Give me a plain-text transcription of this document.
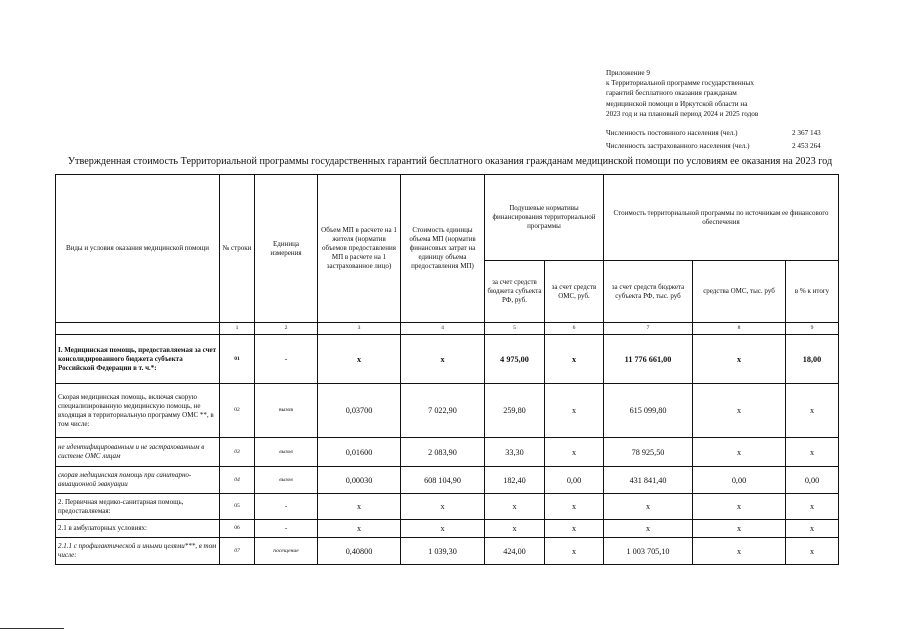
Приложение 9
к Территориальной программе государственных
гарантий бесплатного оказания гражданам
медицинской помощи в Иркутской области на
2023 год и на плановый период 2024 и 2025 годов
Численность постоянного населения (чел.)	2 367 143
Численность застрахованного населения (чел.)	2 453 264
Утвержденная стоимость Территориальной программы государственных гарантий бесплатного оказания гражданам медицинской помощи по условиям ее оказания на 2023 год
Виды и условия оказания медицинской помощи	№ строки	Единица измерения	Объем МП в расчете на 1 жителя (норматив объемов предоставления МП в расчете на 1 застрахованное лицо)	Стоимость единицы объема МП (норматив финансовых затрат на единицу объема предоставления МП)	Подушевые нормативы финансирования территориальной программы		Стоимость территориальной программы по источникам ее финансового обеспечения		
					за счет средств бюджета субъекта РФ, руб.	за счет средств ОМС, руб.	за счет средств бюджета субъекта РФ, тыс. руб	средства ОМС, тыс. руб	в % к итогу
	1	2	3	4	5	6	7	8	9
I. Медицинская помощь, предоставляемая за счет консолидированного бюджета субъекта Российской Федерации в т. ч.*:	01	-	x	x	4 975,00	x	11 776 661,00	x	18,00
Скорая медицинская помощь, включая скорую специализированную медицинскую помощь, не входящая в территориальную программу ОМС **, в том числе:	02	вызов	0,03700	7 022,90	259,80	x	615 099,80	x	x
не идентифицированным и не застрахованным в системе ОМС лицам	03	вызов	0,01600	2 083,90	33,30	x	78 925,50	x	x
скорая медицинская помощь при санитарно-авиационной эвакуации	04	вызов	0,00030	608 104,90	182,40	0,00	431 841,40	0,00	0,00
2. Первичная медико-санитарная помощь, предоставляемая:	05	-	x	x	x	x	x	x	x
2.1 в амбулаторных условиях:	06	-	x	x	x	x	x	x	x
2.1.1 с профилактической и иными целями***, в том числе:	07	посещение	0,40800	1 039,30	424,00	x	1 003 705,10	x	x
